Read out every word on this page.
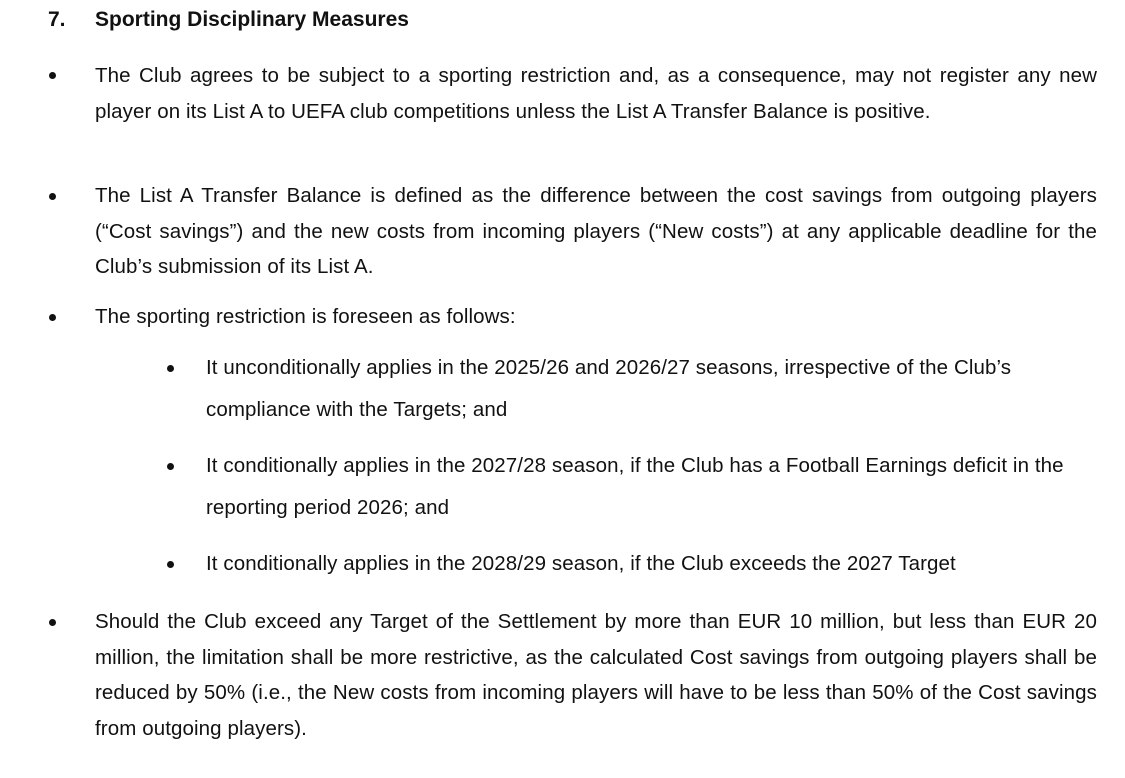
7. Sporting Disciplinary Measures
The Club agrees to be subject to a sporting restriction and, as a consequence, may not register any new player on its List A to UEFA club competitions unless the List A Transfer Balance is positive.
The List A Transfer Balance is defined as the difference between the cost savings from outgoing players (“Cost savings”) and the new costs from incoming players (“New costs”) at any applicable deadline for the Club’s submission of its List A.
The sporting restriction is foreseen as follows:
It unconditionally applies in the 2025/26 and 2026/27 seasons, irrespective of the Club’s compliance with the Targets; and
It conditionally applies in the 2027/28 season, if the Club has a Football Earnings deficit in the reporting period 2026; and
It conditionally applies in the 2028/29 season, if the Club exceeds the 2027 Target
Should the Club exceed any Target of the Settlement by more than EUR 10 million, but less than EUR 20 million, the limitation shall be more restrictive, as the calculated Cost savings from outgoing players shall be reduced by 50% (i.e., the New costs from incoming players will have to be less than 50% of the Cost savings from outgoing players).
